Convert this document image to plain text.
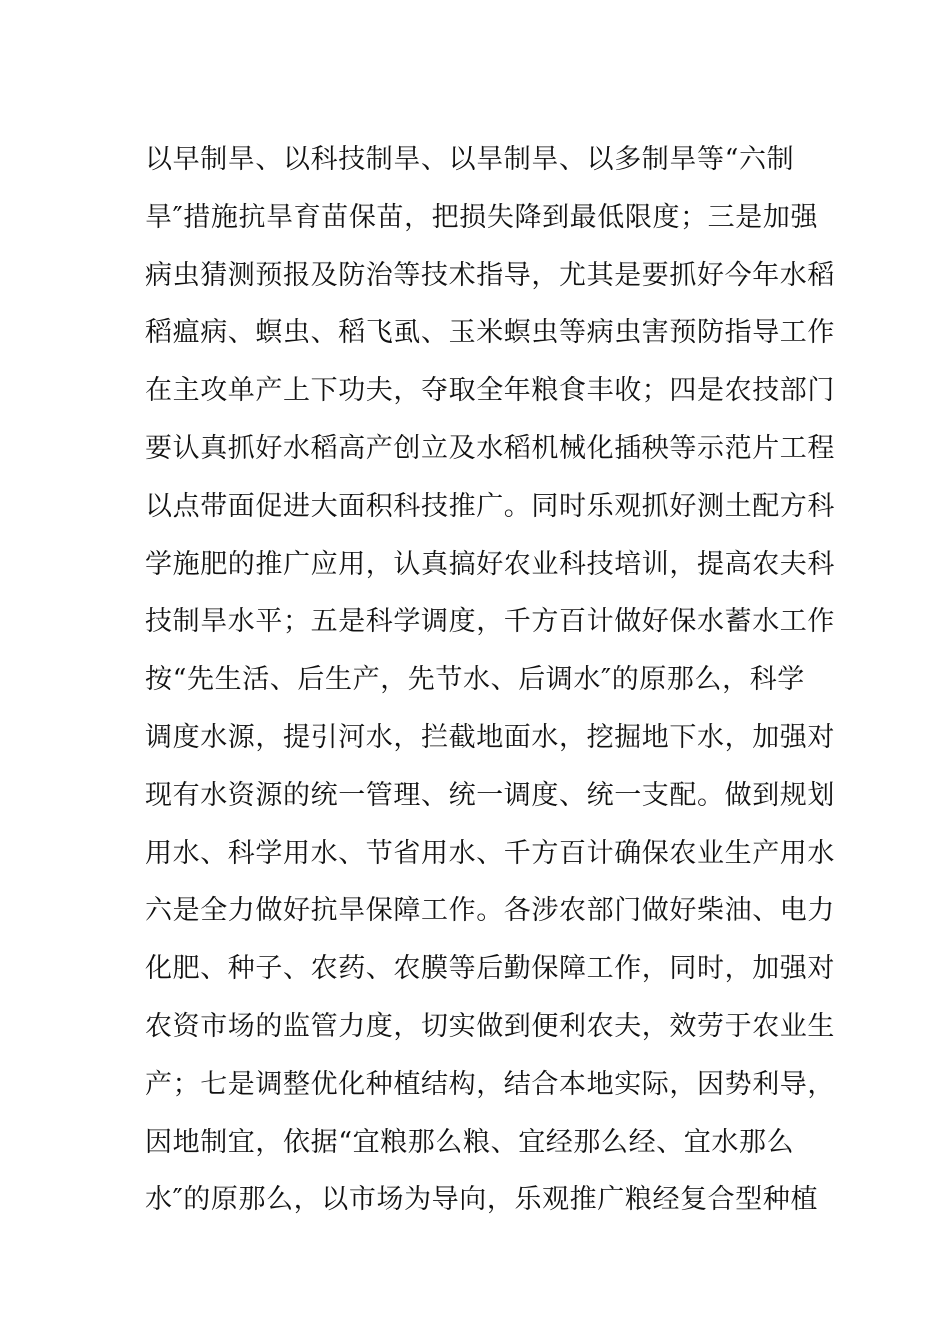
以早制旱、以科技制旱、以旱制旱、以多制旱等“六制
旱″措施抗旱育苗保苗，把损失降到最低限度；三是加强
病虫猜测预报及防治等技术指导，尤其是要抓好今年水稻
稻瘟病、螟虫、稻飞虱、玉米螟虫等病虫害预防指导工作
在主攻单产上下功夫，夺取全年粮食丰收；四是农技部门
要认真抓好水稻高产创立及水稻机械化插秧等示范片工程
以点带面促进大面积科技推广。同时乐观抓好测土配方科
学施肥的推广应用，认真搞好农业科技培训，提高农夫科
技制旱水平；五是科学调度，千方百计做好保水蓄水工作
按“先生活、后生产，先节水、后调水″的原那么，科学
调度水源，提引河水，拦截地面水，挖掘地下水，加强对
现有水资源的统一管理、统一调度、统一支配。做到规划
用水、科学用水、节省用水、千方百计确保农业生产用水
六是全力做好抗旱保障工作。各涉农部门做好柴油、电力
化肥、种子、农药、农膜等后勤保障工作，同时，加强对
农资市场的监管力度，切实做到便利农夫，效劳于农业生
产；七是调整优化种植结构，结合本地实际，因势利导，
因地制宜，依据“宜粮那么粮、宜经那么经、宜水那么
水″的原那么，以市场为导向，乐观推广粮经复合型种植
